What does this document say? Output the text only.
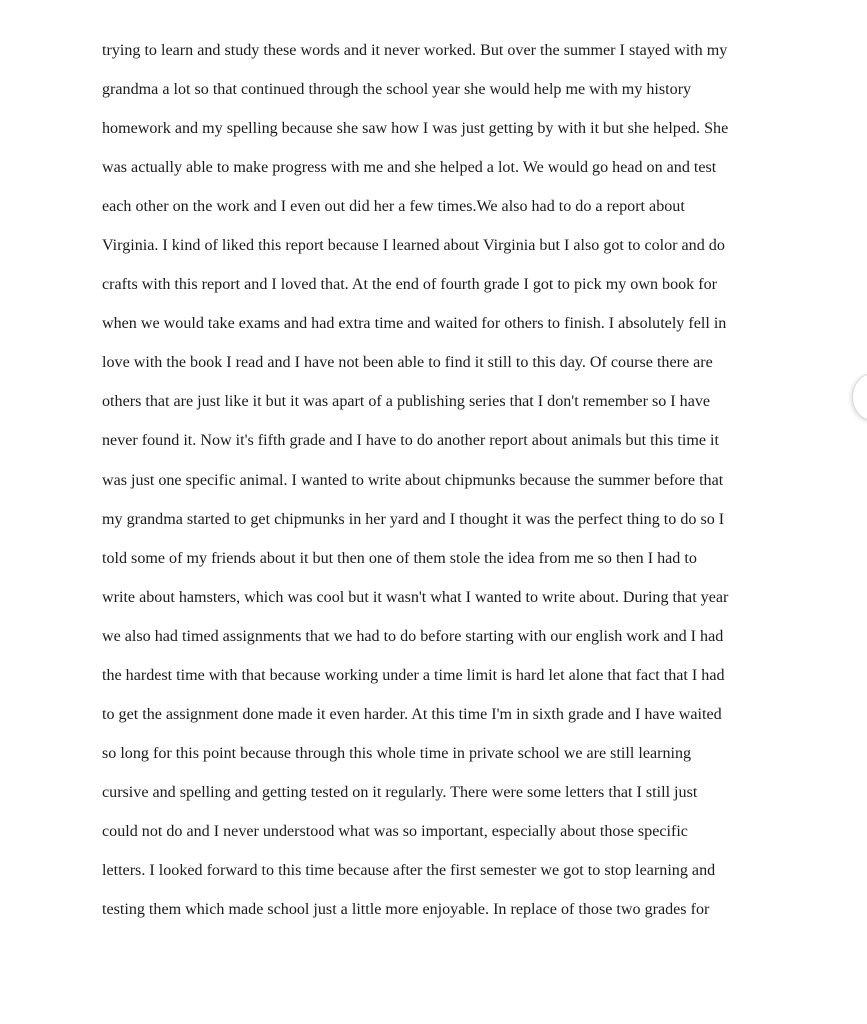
trying to learn and study these words and it never worked. But over the summer I stayed with my
grandma a lot so that continued through the school year she would help me with my history
homework and my spelling because she saw how I was just getting by with it but she helped. She
was actually able to make progress with me and she helped a lot. We would go head on and test
each other on the work and I even out did her a few times.We also had to do a report about
Virginia. I kind of liked this report because I learned about Virginia but I also got to color and do
crafts with this report and I loved that. At the end of fourth grade I got to pick my own book for
when we would take exams and had extra time and waited for others to finish. I absolutely fell in
love with the book I read and I have not been able to find it still to this day. Of course there are
others that are just like it but it was apart of a publishing series that I don't remember so I have
never found it. Now it's fifth grade and I have to do another report about animals but this time it
was just one specific animal. I wanted to write about chipmunks because the summer before that
my grandma started to get chipmunks in her yard and I thought it was the perfect thing to do so I
told some of my friends about it but then one of them stole the idea from me so then I had to
write about hamsters, which was cool but it wasn't what I wanted to write about. During that year
we also had timed assignments that we had to do before starting with our english work and I had
the hardest time with that because working under a time limit is hard let alone that fact that I had
to get the assignment done made it even harder. At this time I'm in sixth grade and I have waited
so long for this point because through this whole time in private school we are still learning
cursive and spelling and getting tested on it regularly. There were some letters that I still just
could not do and I never understood what was so important, especially about those specific
letters. I looked forward to this time because after the first semester we got to stop learning and
testing them which made school just a little more enjoyable. In replace of those two grades for
